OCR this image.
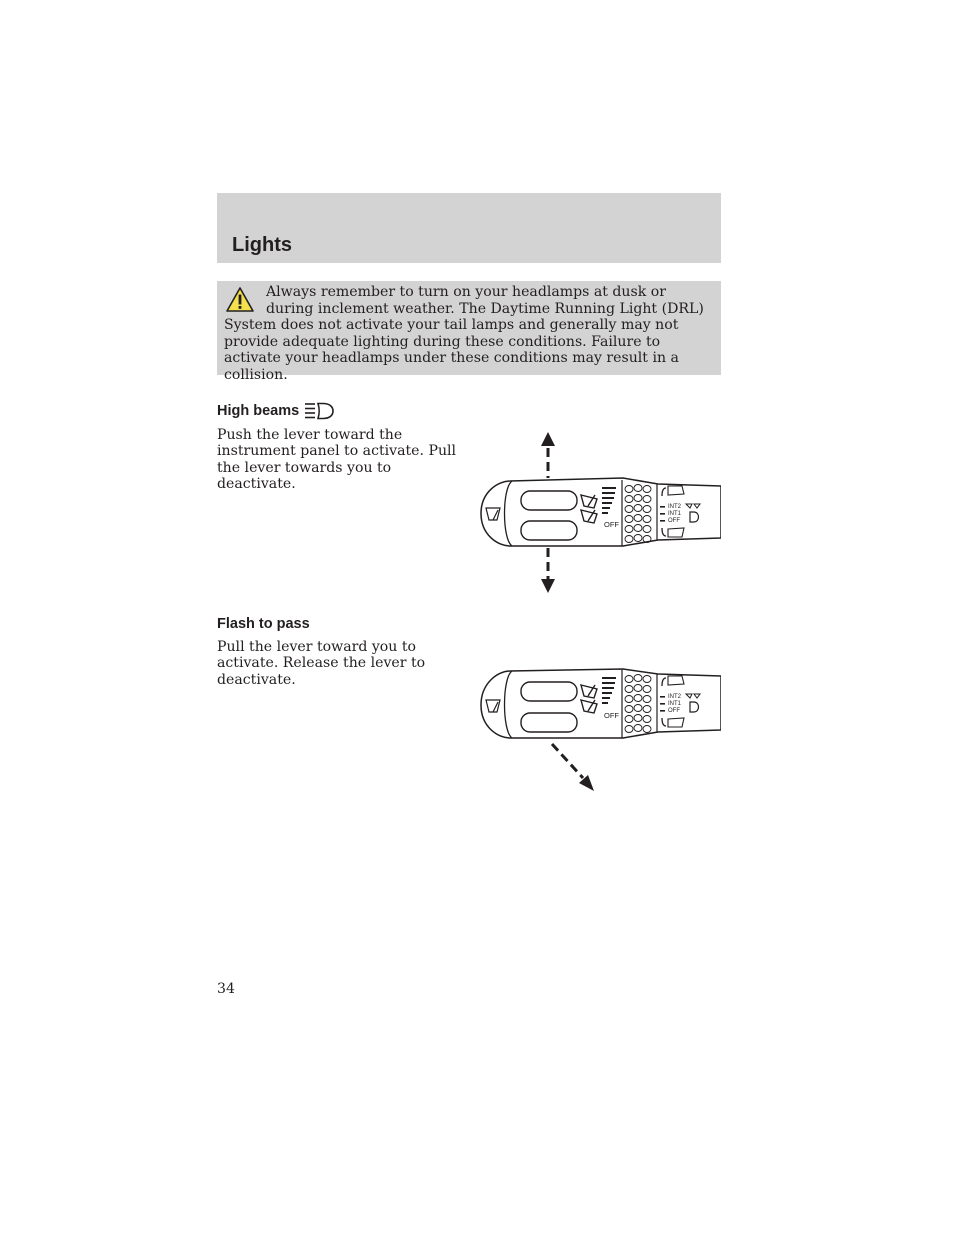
Lights
Always remember to turn on your headlamps at dusk or during inclement weather. The Daytime Running Light (DRL) System does not activate your tail lamps and generally may not provide adequate lighting during these conditions. Failure to activate your headlamps under these conditions may result in a collision.
High beams
Push the lever toward the instrument panel to activate. Pull the lever towards you to deactivate.
OFF
INT2
INT1
OFF
Flash to pass
Pull the lever toward you to activate. Release the lever to deactivate.
OFF
INT2
INT1
OFF
34
